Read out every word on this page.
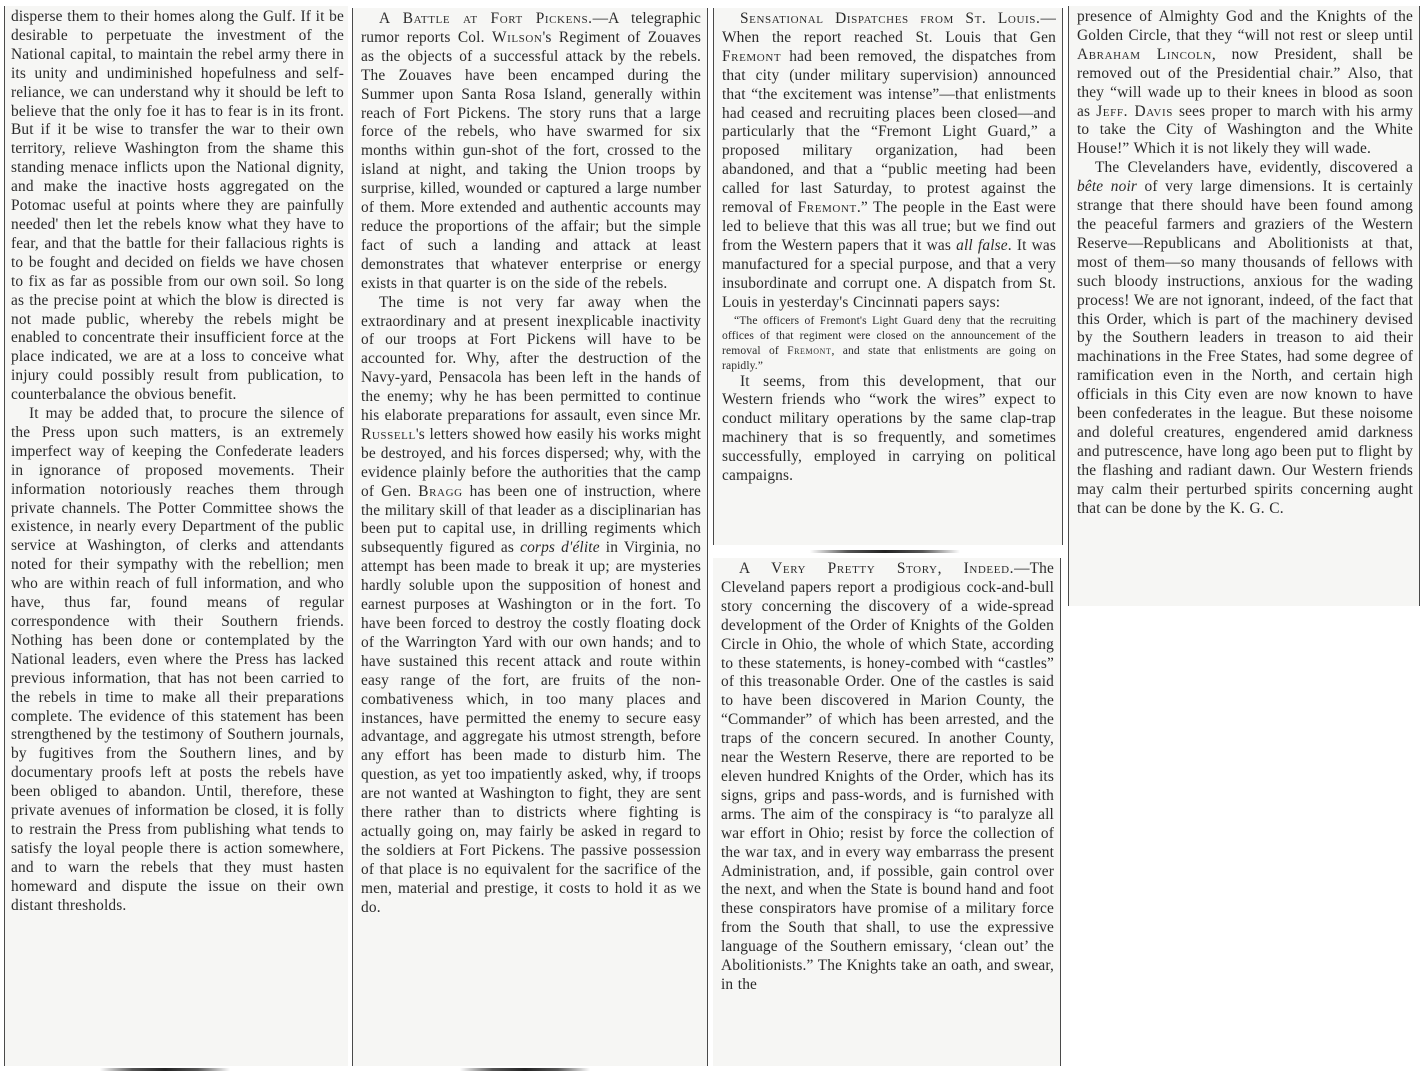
disperse them to their homes along the Gulf. If it be desirable to perpetuate the investment of the National capital, to maintain the rebel army there in its unity and undiminished hopefulness and self-reliance, we can understand why it should be left to believe that the only foe it has to fear is in its front. But if it be wise to transfer the war to their own territory, relieve Washington from the shame this standing menace inflicts upon the National dignity, and make the inactive hosts aggregated on the Potomac useful at points where they are painfully needed' then let the rebels know what they have to fear, and that the battle for their fallacious rights is to be fought and decided on fields we have chosen to fix as far as possible from our own soil. So long as the precise point at which the blow is directed is not made public, whereby the rebels might be enabled to concentrate their insufficient force at the place indicated, we are at a loss to conceive what injury could possibly result from publication, to counterbalance the obvious benefit.

It may be added that, to procure the silence of the Press upon such matters, is an extremely imperfect way of keeping the Confederate leaders in ignorance of proposed movements. Their information notoriously reaches them through private channels. The Potter Committee shows the existence, in nearly every Department of the public service at Washington, of clerks and attendants noted for their sympathy with the rebellion; men who are within reach of full information, and who have, thus far, found means of regular correspondence with their Southern friends. Nothing has been done or contemplated by the National leaders, even where the Press has lacked previous information, that has not been carried to the rebels in time to make all their preparations complete. The evidence of this statement has been strengthened by the testimony of Southern journals, by fugitives from the Southern lines, and by documentary proofs left at posts the rebels have been obliged to abandon. Until, therefore, these private avenues of information be closed, it is folly to restrain the Press from publishing what tends to satisfy the loyal people there is action somewhere, and to warn the rebels that they must hasten homeward and dispute the issue on their own distant thresholds.

A Battle at Fort Pickens.—A telegraphic rumor reports Col. Wilson's Regiment of Zouaves as the objects of a successful attack by the rebels. The Zouaves have been encamped during the Summer upon Santa Rosa Island, generally within reach of Fort Pickens. The story runs that a large force of the rebels, who have swarmed for six months within gun-shot of the fort, crossed to the island at night, and taking the Union troops by surprise, killed, wounded or captured a large number of them. More extended and authentic accounts may reduce the proportions of the affair; but the simple fact of such a landing and attack at least demonstrates that whatever enterprise or energy exists in that quarter is on the side of the rebels.

The time is not very far away when the extraordinary and at present inexplicable inactivity of our troops at Fort Pickens will have to be accounted for. Why, after the destruction of the Navy-yard, Pensacola has been left in the hands of the enemy; why he has been permitted to continue his elaborate preparations for assault, even since Mr. Russell's letters showed how easily his works might be destroyed, and his forces dispersed; why, with the evidence plainly before the authorities that the camp of Gen. Bragg has been one of instruction, where the military skill of that leader as a disciplinarian has been put to capital use, in drilling regiments which subsequently figured as corps d'élite in Virginia, no attempt has been made to break it up; are mysteries hardly soluble upon the supposition of honest and earnest purposes at Washington or in the fort. To have been forced to destroy the costly floating dock of the Warrington Yard with our own hands; and to have sustained this recent attack and route within easy range of the fort, are fruits of the non-combativeness which, in too many places and instances, have permitted the enemy to secure easy advantage, and aggregate his utmost strength, before any effort has been made to disturb him. The question, as yet too impatiently asked, why, if troops are not wanted at Washington to fight, they are sent there rather than to districts where fighting is actually going on, may fairly be asked in regard to the soldiers at Fort Pickens. The passive possession of that place is no equivalent for the sacrifice of the men, material and prestige, it costs to hold it as we do.

Sensational Dispatches from St. Louis.—When the report reached St. Louis that Gen Fremont had been removed, the dispatches from that city (under military supervision) announced that “the excitement was intense”—that enlistments had ceased and recruiting places been closed—and particularly that the “Fremont Light Guard,” a proposed military organization, had been abandoned, and that a “public meeting had been called for last Saturday, to protest against the removal of Fremont.” The people in the East were led to believe that this was all true; but we find out from the Western papers that it was all false. It was manufactured for a special purpose, and that a very insubordinate and corrupt one. A dispatch from St. Louis in yesterday's Cincinnati papers says:

“The officers of Fremont's Light Guard deny that the recruiting offices of that regiment were closed on the announcement of the removal of Fremont, and state that enlistments are going on rapidly.”

It seems, from this development, that our Western friends who “work the wires” expect to conduct military operations by the same clap-trap machinery that is so frequently, and sometimes successfully, employed in carrying on political campaigns.

A Very Pretty Story, Indeed.—The Cleveland papers report a prodigious cock-and-bull story concerning the discovery of a wide-spread development of the Order of Knights of the Golden Circle in Ohio, the whole of which State, according to these statements, is honey-combed with “castles” of this treasonable Order. One of the castles is said to have been discovered in Marion County, the “Commander” of which has been arrested, and the traps of the concern secured. In another County, near the Western Reserve, there are reported to be eleven hundred Knights of the Order, which has its signs, grips and pass-words, and is furnished with arms. The aim of the conspiracy is “to paralyze all war effort in Ohio; resist by force the collection of the war tax, and in every way embarrass the present Administration, and, if possible, gain control over the next, and when the State is bound hand and foot these conspirators have promise of a military force from the South that shall, to use the expressive language of the Southern emissary, ‘clean out’ the Abolitionists.” The Knights take an oath, and swear, in the

presence of Almighty God and the Knights of the Golden Circle, that they “will not rest or sleep until Abraham Lincoln, now President, shall be removed out of the Presidential chair.” Also, that they “will wade up to their knees in blood as soon as Jeff. Davis sees proper to march with his army to take the City of Washington and the White House!” Which it is not likely they will wade.

The Clevelanders have, evidently, discovered a bête noir of very large dimensions. It is certainly strange that there should have been found among the peaceful farmers and graziers of the Western Reserve—Republicans and Abolitionists at that, most of them—so many thousands of fellows with such bloody instructions, anxious for the wading process! We are not ignorant, indeed, of the fact that this Order, which is part of the machinery devised by the Southern leaders in treason to aid their machinations in the Free States, had some degree of ramification even in the North, and certain high officials in this City even are now known to have been confederates in the league. But these noisome and doleful creatures, engendered amid darkness and putrescence, have long ago been put to flight by the flashing and radiant dawn. Our Western friends may calm their perturbed spirits concerning aught that can be done by the K. G. C.
